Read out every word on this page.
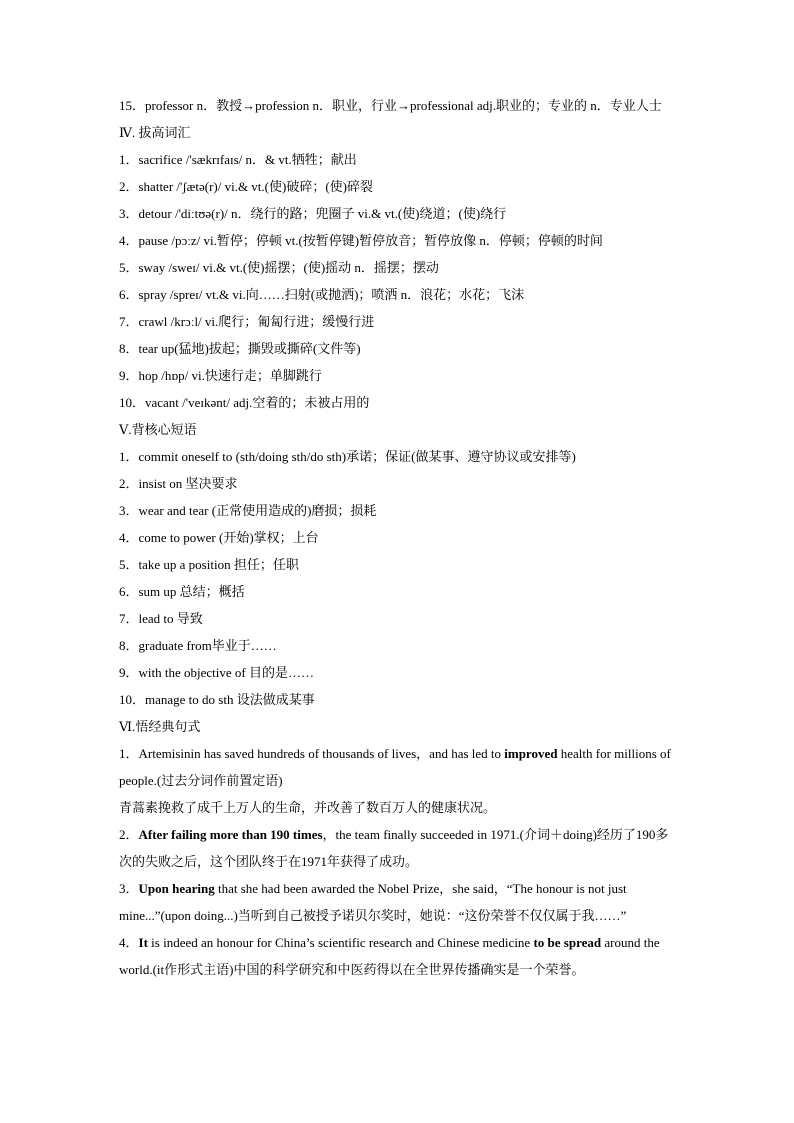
15．professor n．教授→profession n．职业，行业→professional adj.职业的；专业的 n．专业人士
Ⅳ. 拔高词汇
1．sacrifice /'sækrɪfaɪs/ n．& vt.牺牲；献出
2．shatter /'ʃætə(r)/ vi.& vt.(使)破碎；(使)碎裂
3．detour /'diːtʊə(r)/ n．绕行的路；兜圈子 vi.& vt.(使)绕道；(使)绕行
4．pause /pɔːz/ vi.暂停；停顿 vt.(按暂停键)暂停放音；暂停放像 n．停顿；停顿的时间
5．sway /sweɪ/ vi.& vt.(使)摇摆；(使)摇动 n．摇摆；摆动
6．spray /spreɪ/ vt.& vi.向……扫射(或抛洒)；喷洒 n．浪花；水花；飞沫
7．crawl /krɔːl/ vi.爬行；匍匐行进；缓慢行进
8．tear up(猛地)拔起；撕毁或撕碎(文件等)
9．hop /hɒp/ vi.快速行走；单脚跳行
10．vacant /'veɪkənt/ adj.空着的；未被占用的
Ⅴ.背核心短语
1．commit oneself to (sth/doing sth/do sth)承诺；保证(做某事、遵守协议或安排等)
2．insist on 坚决要求
3．wear and tear (正常使用造成的)磨损；损耗
4．come to power (开始)掌权；上台
5．take up a position 担任；任职
6．sum up 总结；概括
7．lead to 导致
8．graduate from毕业于……
9．with the objective of 目的是……
10．manage to do sth 设法做成某事
Ⅵ.悟经典句式
1．Artemisinin has saved hundreds of thousands of lives，and has led to improved health for millions of people.(过去分词作前置定语)
青蒿素挽救了成千上万人的生命，并改善了数百万人的健康状况。
2．After failing more than 190 times，the team finally succeeded in 1971.(介词＋doing)经历了190多次的失败之后，这个团队终于在1971年获得了成功。
3．Upon hearing that she had been awarded the Nobel Prize，she said，“The honour is not just mine...”(upon doing...)当听到自己被授予诺贝尔奖时，她说：“这份荣誉不仅仅属于我……”
4．It is indeed an honour for China’s scientific research and Chinese medicine to be spread around the world.(it作形式主语)中国的科学研究和中医药得以在全世界传播确实是一个荣誉。
